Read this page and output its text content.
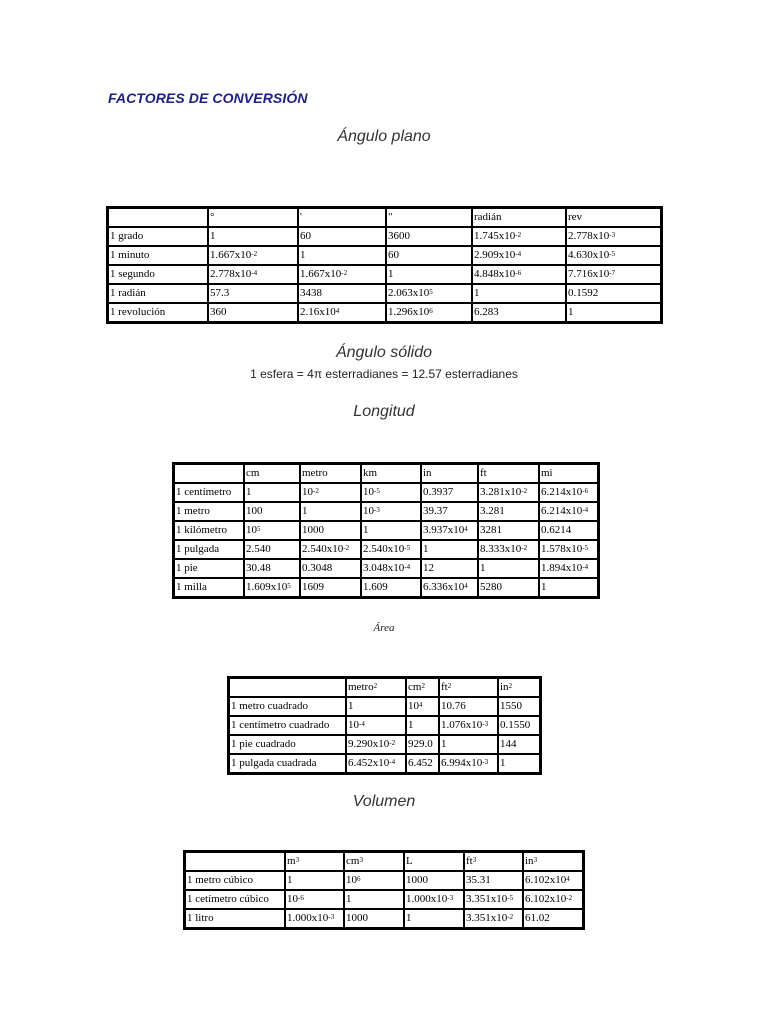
FACTORES DE CONVERSIÓN
Ángulo plano
	°	'	"	radián	rev
1 grado	1	60	3600	$1.745x10^{-2}$	$2.778x10^{-3}$
1 minuto	$1.667x10^{-2}$	1	60	$2.909x10^{-4}$	$4.630x10^{-5}$
1 segundo	$2.778x10^{-4}$	$1.667x10^{-2}$	1	$4.848x10^{-6}$	$7.716x10^{-7}$
1 radián	57.3	3438	$2.063x10^5$	1	0.1592
1 revolución	360	$2.16x10^4$	$1.296x10^6$	6.283	1
Ángulo sólido
1 esfera = 4π esterradianes = 12.57 esterradianes
Longitud
	cm	metro	km	in	ft	mi
1 centímetro	1	$10^{-2}$	$10^{-5}$	0.3937	$3.281x10^{-2}$	$6.214x10^{-6}$
1 metro	100	1	$10^{-3}$	39.37	3.281	$6.214x10^{-4}$
1 kilómetro	$10^5$	1000	1	$3.937x10^4$	3281	0.6214
1 pulgada	2.540	$2.540x10^{-2}$	$2.540x10^{-5}$	1	$8.333x10^{-2}$	$1.578x10^{-5}$
1 pie	30.48	0.3048	$3.048x10^{-4}$	12	1	$1.894x10^{-4}$
1 milla	$1.609x10^5$	1609	1.609	$6.336x10^4$	5280	1
Área
	metro$^2$	$cm^2$	$ft^2$	$in^2$
1 metro cuadrado	1	$10^4$	10.76	1550
1 centímetro cuadrado	$10^{-4}$	1	$1.076x10^{-3}$	0.1550
1 pie cuadrado	$9.290x10^{-2}$	929.0	1	144
1 pulgada cuadrada	$6.452x10^{-4}$	6.452	$6.994x10^{-3}$	1
Volumen
	$m^3$	$cm^3$	L	$ft^3$	$in^3$
1 metro cúbico	1	$10^6$	1000	35.31	$6.102x10^4$
1 cetímetro cúbico	$10^{-6}$	1	$1.000x10^{-3}$	$3.351x10^{-5}$	$6.102x10^{-2}$
1 litro	$1.000x10^{-3}$	1000	1	$3.351x10^{-2}$	61.02
